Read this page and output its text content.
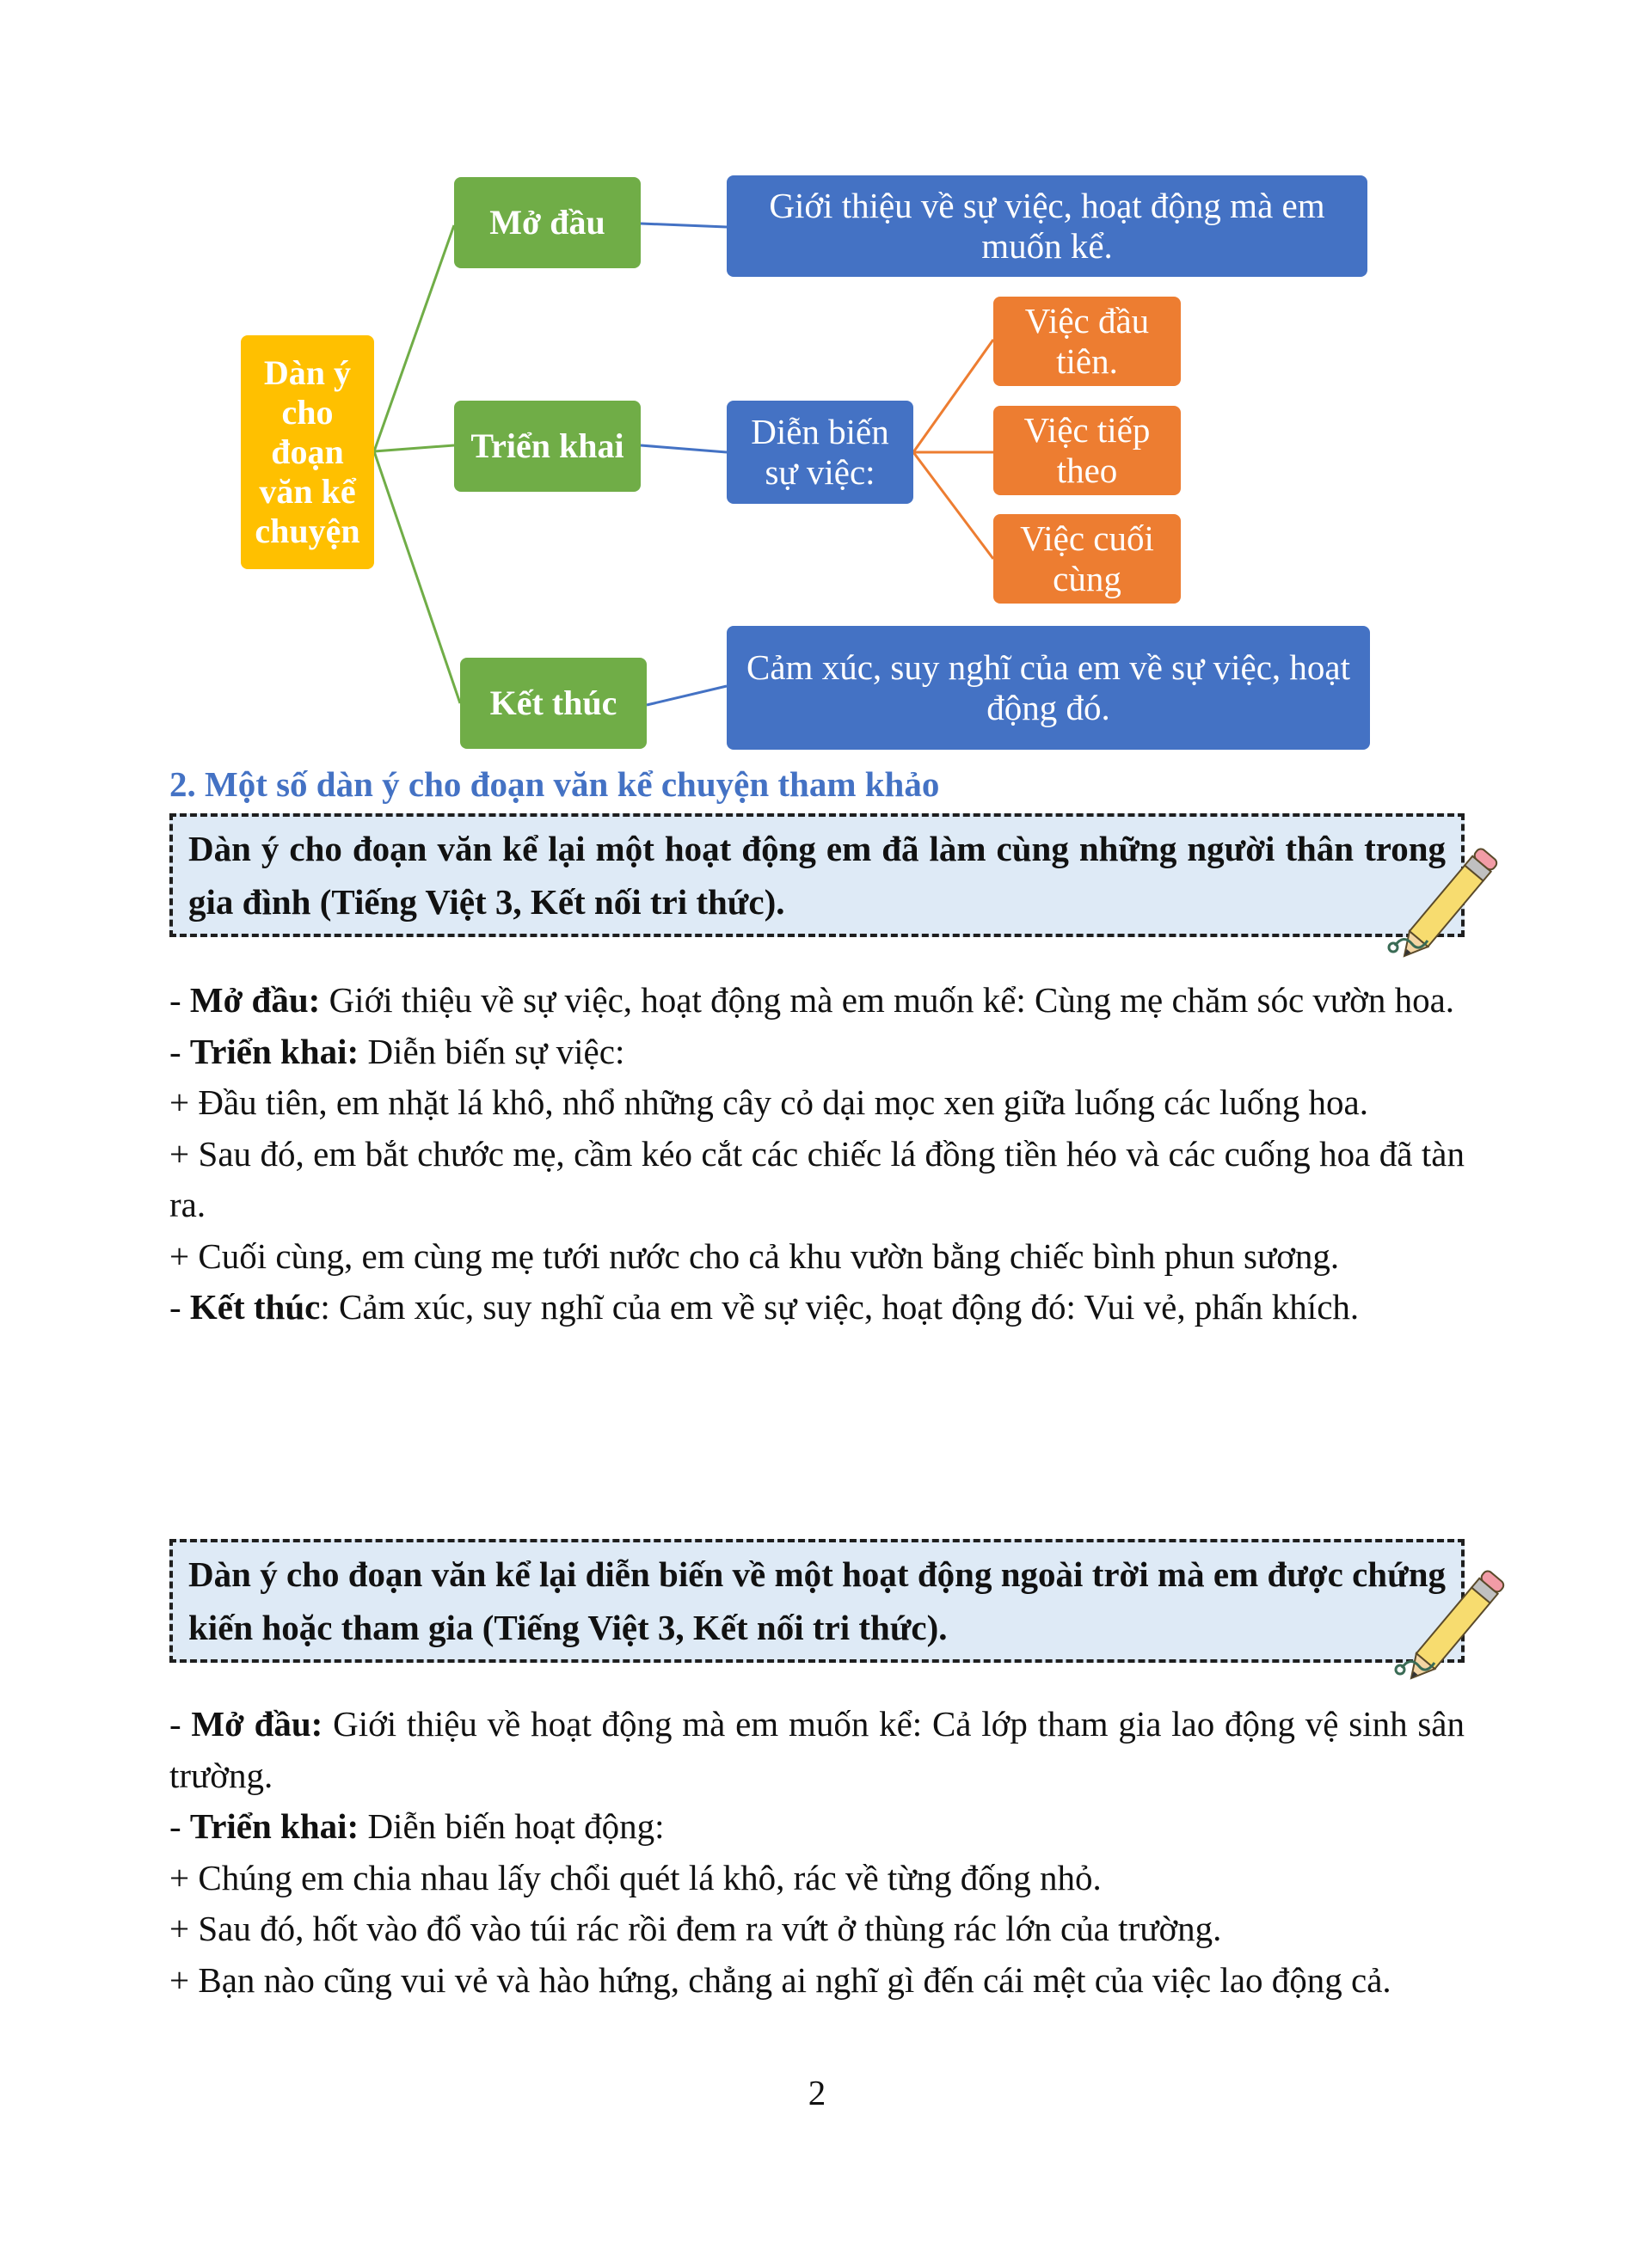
Dàn ý cho đoạn văn kể chuyện
Mở đầu
Triển khai
Kết thúc
Giới thiệu về sự việc, hoạt động mà em muốn kể.
Diễn biến sự việc:
Cảm xúc, suy nghĩ của em về sự việc, hoạt động đó.
Việc đầu tiên.
Việc tiếp theo
Việc cuối cùng
2. Một số dàn ý cho đoạn văn kể chuyện tham khảo
Dàn ý cho đoạn văn kể lại một hoạt động em đã làm cùng những người thân trong gia đình (Tiếng Việt 3, Kết nối tri thức).

- Mở đầu: Giới thiệu về sự việc, hoạt động mà em muốn kể: Cùng mẹ chăm sóc vườn hoa.

- Triển khai: Diễn biến sự việc:

+ Đầu tiên, em nhặt lá khô, nhổ những cây cỏ dại mọc xen giữa luống các luống hoa.

+ Sau đó, em bắt chước mẹ, cầm kéo cắt các chiếc lá đồng tiền héo và các cuống hoa đã tàn ra.

+ Cuối cùng, em cùng mẹ tưới nước cho cả khu vườn bằng chiếc bình phun sương.

- Kết thúc: Cảm xúc, suy nghĩ của em về sự việc, hoạt động đó: Vui vẻ, phấn khích.

Dàn ý cho đoạn văn kể lại diễn biến về một hoạt động ngoài trời mà em được chứng kiến hoặc tham gia (Tiếng Việt 3, Kết nối tri thức).

- Mở đầu: Giới thiệu về hoạt động mà em muốn kể: Cả lớp tham gia lao động vệ sinh sân trường.

- Triển khai: Diễn biến hoạt động:

+ Chúng em chia nhau lấy chổi quét lá khô, rác về từng đống nhỏ.

+ Sau đó, hốt vào đổ vào túi rác rồi đem ra vứt ở thùng rác lớn của trường.

+ Bạn nào cũng vui vẻ và hào hứng, chẳng ai nghĩ gì đến cái mệt của việc lao động cả.

2
